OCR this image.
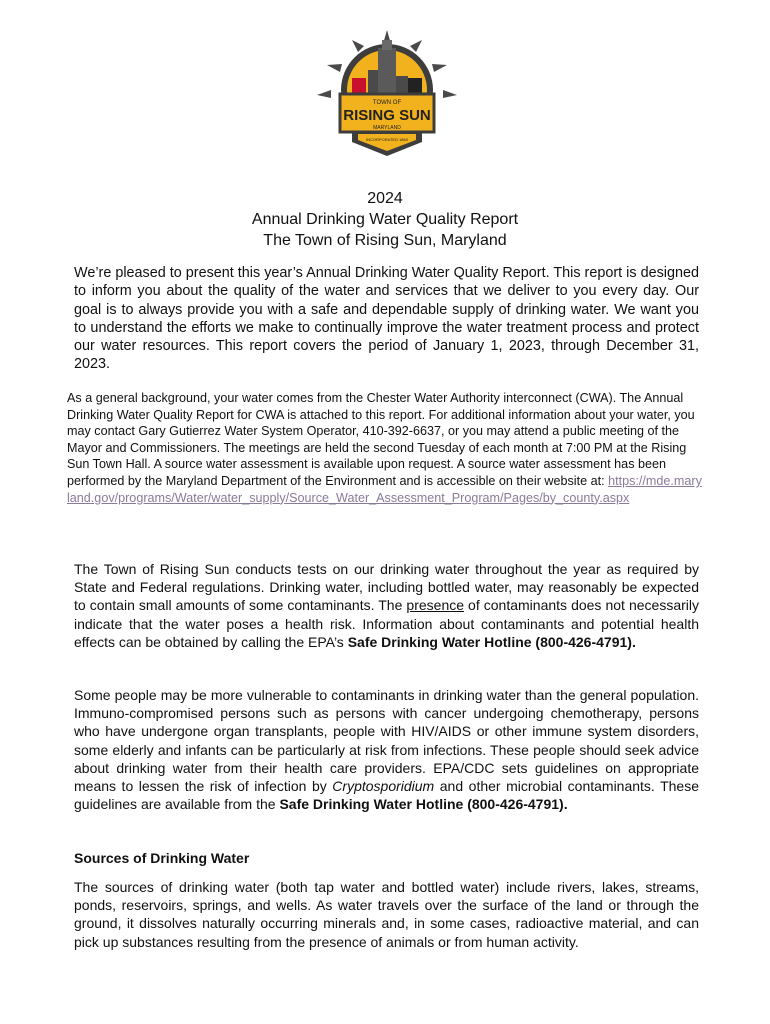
TOWN OF
RISING SUN
MARYLAND
INCORPORATED 1860
2024
Annual Drinking Water Quality Report
The Town of Rising Sun, Maryland
We’re pleased to present this year’s Annual Drinking Water Quality Report. This report is designed to inform you about the quality of the water and services that we deliver to you every day. Our goal is to always provide you with a safe and dependable supply of drinking water. We want you to understand the efforts we make to continually improve the water treatment process and protect our water resources. This report covers the period of January 1, 2023, through December 31, 2023.
As a general background, your water comes from the Chester Water Authority interconnect (CWA). The Annual Drinking Water Quality Report for CWA is attached to this report. For additional information about your water, you may contact Gary Gutierrez Water System Operator, 410-392-6637, or you may attend a public meeting of the Mayor and Commissioners. The meetings are held the second Tuesday of each month at 7:00 PM at the Rising Sun Town Hall. A source water assessment is available upon request. A source water assessment has been performed by the Maryland Department of the Environment and is accessible on their website at: https://mde.maryland.gov/programs/Water/water_supply/Source_Water_Assessment_Program/Pages/by_county.aspx
The Town of Rising Sun conducts tests on our drinking water throughout the year as required by State and Federal regulations. Drinking water, including bottled water, may reasonably be expected to contain small amounts of some contaminants. The presence of contaminants does not necessarily indicate that the water poses a health risk. Information about contaminants and potential health effects can be obtained by calling the EPA’s Safe Drinking Water Hotline (800-426-4791).
Some people may be more vulnerable to contaminants in drinking water than the general population. Immuno-compromised persons such as persons with cancer undergoing chemotherapy, persons who have undergone organ transplants, people with HIV/AIDS or other immune system disorders, some elderly and infants can be particularly at risk from infections. These people should seek advice about drinking water from their health care providers. EPA/CDC sets guidelines on appropriate means to lessen the risk of infection by Cryptosporidium and other microbial contaminants. These guidelines are available from the Safe Drinking Water Hotline (800-426-4791).
Sources of Drinking Water
The sources of drinking water (both tap water and bottled water) include rivers, lakes, streams, ponds, reservoirs, springs, and wells. As water travels over the surface of the land or through the ground, it dissolves naturally occurring minerals and, in some cases, radioactive material, and can pick up substances resulting from the presence of animals or from human activity.
